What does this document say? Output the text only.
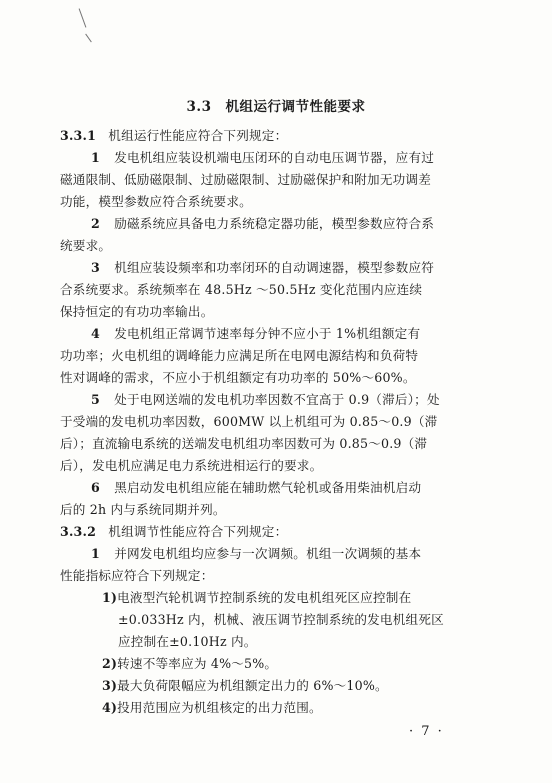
3.3 机组运行调节性能要求
3.3.1 机组运行性能应符合下列规定：
1 发电机组应装设机端电压闭环的自动电压调节器，应有过
磁通限制、低励磁限制、过励磁限制、过励磁保护和附加无功调差
功能，模型参数应符合系统要求。
2 励磁系统应具备电力系统稳定器功能，模型参数应符合系
统要求。
3 机组应装设频率和功率闭环的自动调速器，模型参数应符
合系统要求。系统频率在 48.5Hz ～50.5Hz 变化范围内应连续
保持恒定的有功功率输出。
4 发电机组正常调节速率每分钟不应小于 1%机组额定有
功功率；火电机组的调峰能力应满足所在电网电源结构和负荷特
性对调峰的需求，不应小于机组额定有功功率的 50%～60%。
5 处于电网送端的发电机功率因数不宜高于 0.9（滞后）；处
于受端的发电机功率因数，600MW 以上机组可为 0.85～0.9（滞
后）；直流输电系统的送端发电机组功率因数可为 0.85～0.9（滞
后），发电机应满足电力系统进相运行的要求。
6 黑启动发电机组应能在辅助燃气轮机或备用柴油机启动
后的 2h 内与系统同期并列。
3.3.2 机组调节性能应符合下列规定：
1 并网发电机组均应参与一次调频。机组一次调频的基本
性能指标应符合下列规定：
1)电液型汽轮机调节控制系统的发电机组死区应控制在
±0.033Hz 内，机械、液压调节控制系统的发电机组死区
应控制在±0.10Hz 内。
2)转速不等率应为 4%～5%。
3)最大负荷限幅应为机组额定出力的 6%～10%。
4)投用范围应为机组核定的出力范围。
· 7 ·
